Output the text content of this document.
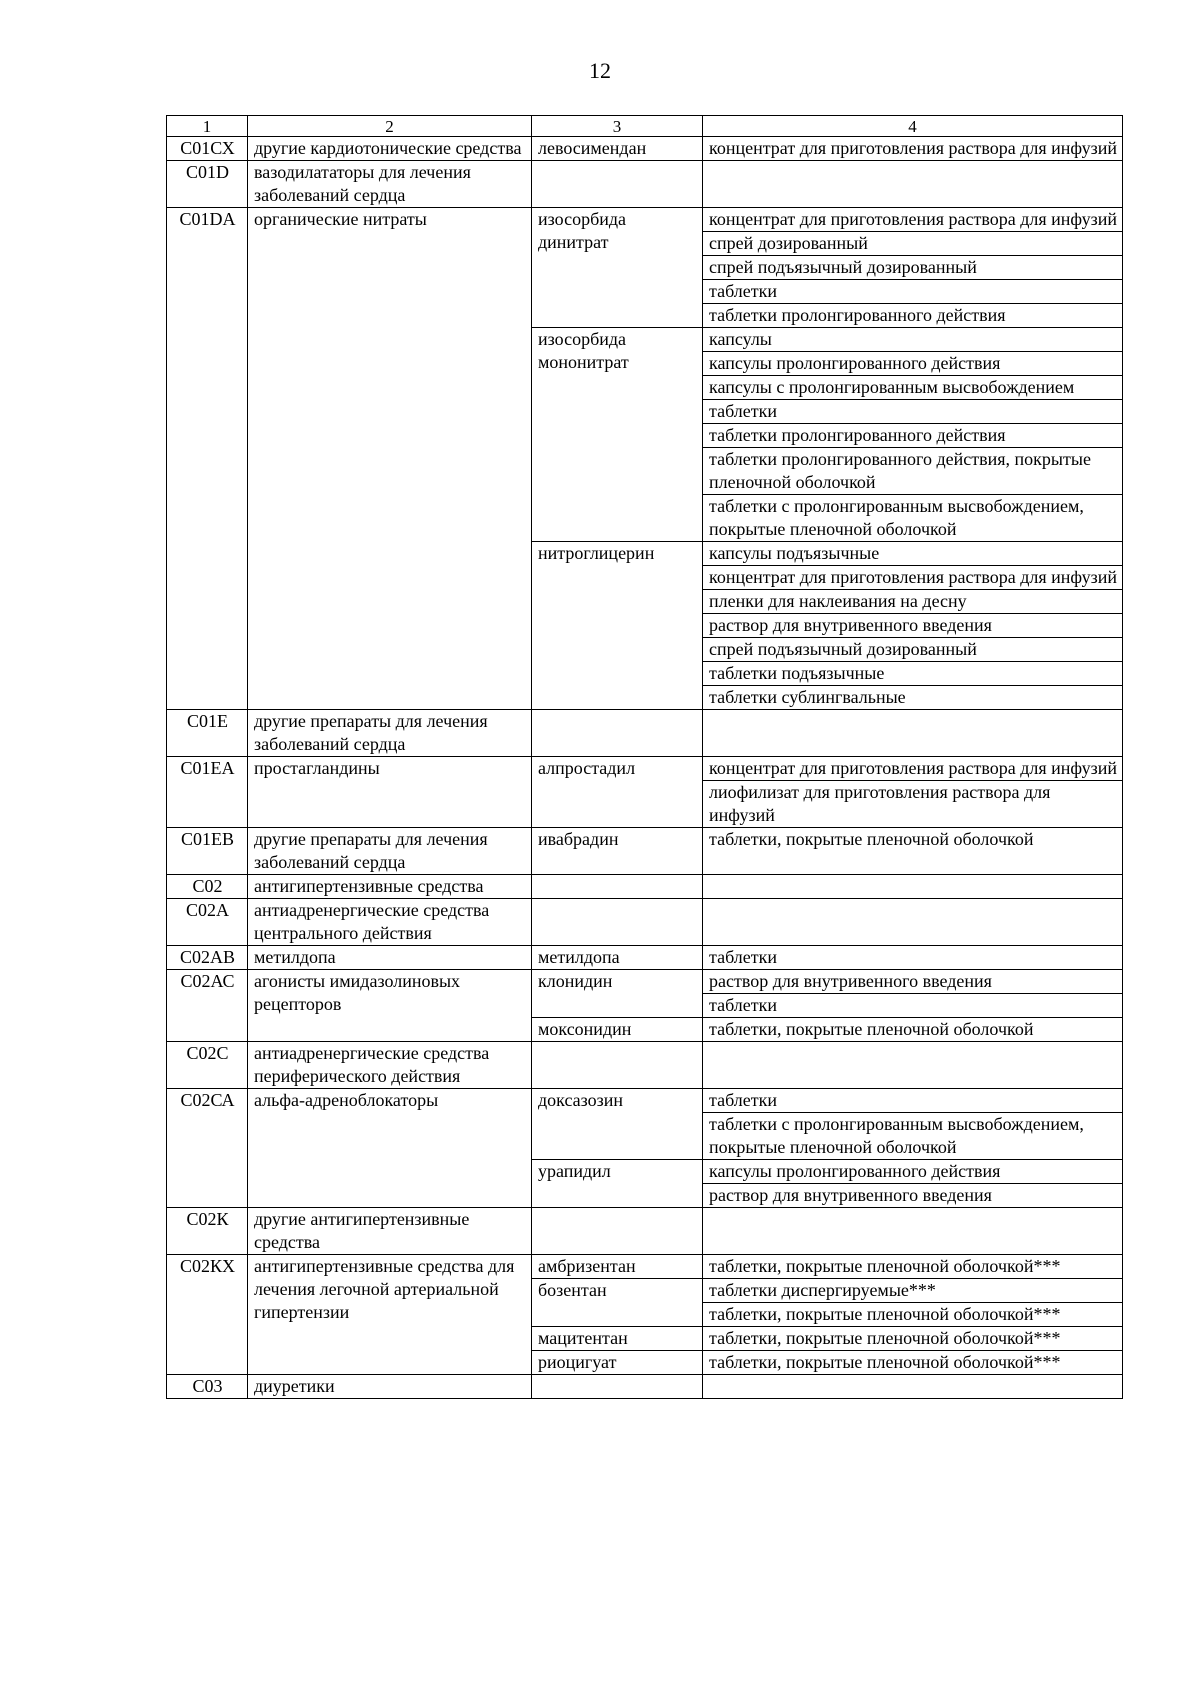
12
1	2	3	4
С01СХ	другие кардиотонические средства	левосимендан	концентрат для приготовления раствора для инфузий
С01D	вазодилататоры для лечения заболеваний сердца		
С01DA	органические нитраты	изосорбида динитрат	концентрат для приготовления раствора для инфузий
			спрей дозированный
			спрей подъязычный дозированный
			таблетки
			таблетки пролонгированного действия
		изосорбида мононитрат	капсулы
			капсулы пролонгированного действия
			капсулы с пролонгированным высвобождением
			таблетки
			таблетки пролонгированного действия
			таблетки пролонгированного действия, покрытые пленочной оболочкой
			таблетки с пролонгированным высвобождением, покрытые пленочной оболочкой
		нитроглицерин	капсулы подъязычные
			концентрат для приготовления раствора для инфузий
			пленки для наклеивания на десну
			раствор для внутривенного введения
			спрей подъязычный дозированный
			таблетки подъязычные
			таблетки сублингвальные
С01Е	другие препараты для лечения заболеваний сердца		
С01ЕА	простагландины	алпростадил	концентрат для приготовления раствора для инфузий
			лиофилизат для приготовления раствора для инфузий
С01ЕВ	другие препараты для лечения заболеваний сердца	ивабрадин	таблетки, покрытые пленочной оболочкой
С02	антигипертензивные средства		
С02А	антиадренергические средства центрального действия		
С02АВ	метилдопа	метилдопа	таблетки
С02АС	агонисты имидазолиновых рецепторов	клонидин	раствор для внутривенного введения
			таблетки
		моксонидин	таблетки, покрытые пленочной оболочкой
С02С	антиадренергические средства периферического действия		
С02СА	альфа-адреноблокаторы	доксазозин	таблетки
			таблетки с пролонгированным высвобождением, покрытые пленочной оболочкой
		урапидил	капсулы пролонгированного действия
			раствор для внутривенного введения
С02К	другие антигипертензивные средства		
С02КХ	антигипертензивные средства для лечения легочной артериальной гипертензии	амбризентан	таблетки, покрытые пленочной оболочкой***
		бозентан	таблетки диспергируемые***
			таблетки, покрытые пленочной оболочкой***
		мацитентан	таблетки, покрытые пленочной оболочкой***
		риоцигуат	таблетки, покрытые пленочной оболочкой***
С03	диуретики		
